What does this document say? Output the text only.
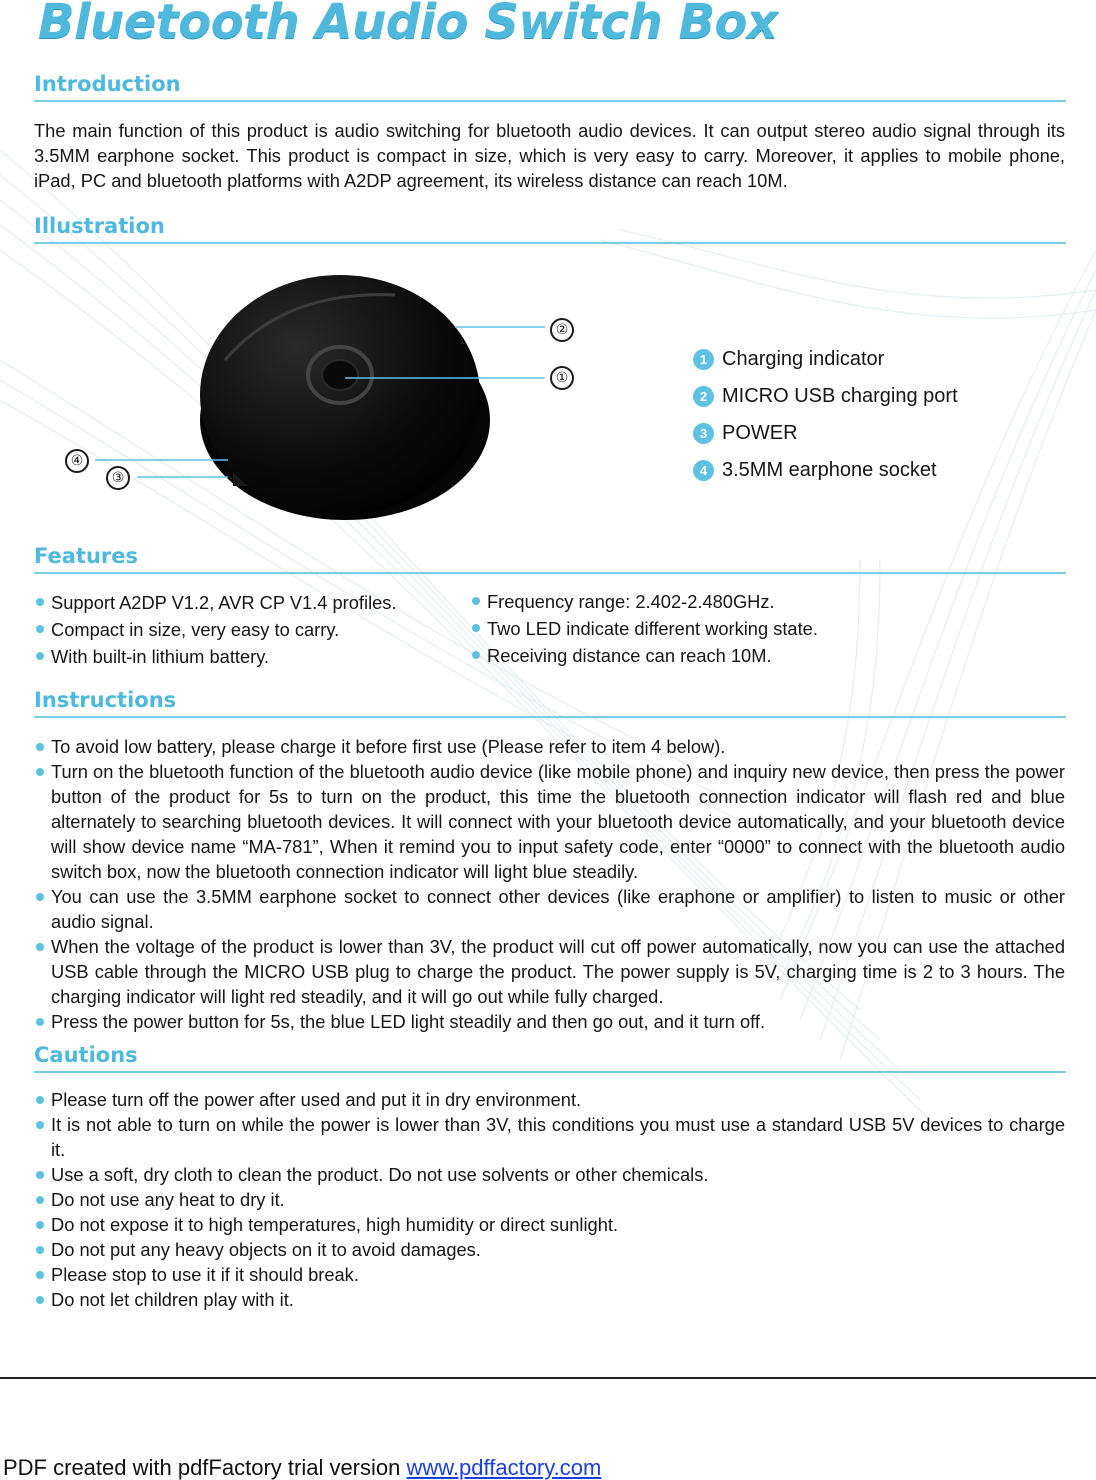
Bluetooth Audio Switch Box
Introduction

The main function of this product is audio switching for bluetooth audio devices. It can output stereo audio signal through its 3.5MM earphone socket. This product is compact in size, which is very easy to carry. Moreover, it applies to mobile phone, iPad, PC and bluetooth platforms with A2DP agreement, its wireless distance can reach 10M.

Illustration
②
①
④
③
1 Charging indicator
2 MICRO USB charging port
3 POWER
4 3.5MM earphone socket
Features
Support A2DP V1.2, AVR CP V1.4 profiles.
Compact in size, very easy to carry.
With built-in lithium battery.
Frequency range: 2.402-2.480GHz.
Two LED indicate different working state.
Receiving distance can reach 10M.
Instructions
To avoid low battery, please charge it before first use (Please refer to item 4 below).
Turn on the bluetooth function of the bluetooth audio device (like mobile phone) and inquiry new device, then press the power button of the product for 5s to turn on the product, this time the bluetooth connection indicator will flash red and blue alternately to searching bluetooth devices. It will connect with your bluetooth device automatically, and your bluetooth device will show device name “MA-781”, When it remind you to input safety code, enter “0000” to connect with the bluetooth audio switch box, now the bluetooth connection indicator will light blue steadily.
You can use the 3.5MM earphone socket to connect other devices (like eraphone or amplifier) to listen to music or other audio signal.
When the voltage of the product is lower than 3V, the product will cut off power automatically, now you can use the attached USB cable through the MICRO USB plug to charge the product. The power supply is 5V, charging time is 2 to 3 hours. The charging indicator will light red steadily, and it will go out while fully charged.
Press the power button for 5s, the blue LED light steadily and then go out, and it turn off.
Cautions
Please turn off the power after used and put it in dry environment.
It is not able to turn on while the power is lower than 3V, this conditions you must use a standard USB 5V devices to charge it.
Use a soft, dry cloth to clean the product. Do not use solvents or other chemicals.
Do not use any heat to dry it.
Do not expose it to high temperatures, high humidity or direct sunlight.
Do not put any heavy objects on it to avoid damages.
Please stop to use it if it should break.
Do not let children play with it.
PDF created with pdfFactory trial version www.pdffactory.com
